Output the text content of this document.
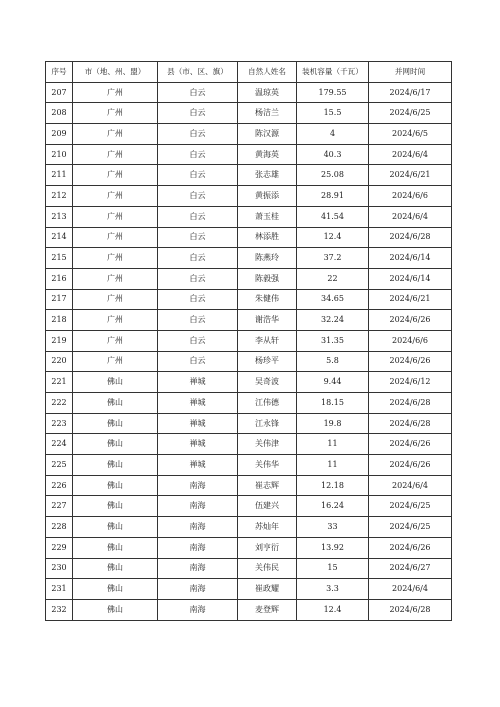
序号	市（地、州、盟）	县（市、区、旗）	自然人姓名	装机容量（千瓦）	并网时间
207	广州	白云	温琼英	179.55	2024/6/17
208	广州	白云	杨洁兰	15.5	2024/6/25
209	广州	白云	陈汉源	4	2024/6/5
210	广州	白云	黄海英	40.3	2024/6/4
211	广州	白云	张志雄	25.08	2024/6/21
212	广州	白云	黄振添	28.91	2024/6/6
213	广州	白云	萧玉桂	41.54	2024/6/4
214	广州	白云	林添胜	12.4	2024/6/28
215	广州	白云	陈燕玲	37.2	2024/6/14
216	广州	白云	陈毅强	22	2024/6/14
217	广州	白云	朱健伟	34.65	2024/6/21
218	广州	白云	谢浩华	32.24	2024/6/26
219	广州	白云	李从轩	31.35	2024/6/6
220	广州	白云	杨珍平	5.8	2024/6/26
221	佛山	禅城	吴奇波	9.44	2024/6/12
222	佛山	禅城	江伟德	18.15	2024/6/28
223	佛山	禅城	江永锋	19.8	2024/6/28
224	佛山	禅城	关伟津	11	2024/6/26
225	佛山	禅城	关伟华	11	2024/6/26
226	佛山	南海	崔志辉	12.18	2024/6/4
227	佛山	南海	伍建兴	16.24	2024/6/25
228	佛山	南海	苏灿年	33	2024/6/25
229	佛山	南海	刘亨衍	13.92	2024/6/26
230	佛山	南海	关伟民	15	2024/6/27
231	佛山	南海	崔政耀	3.3	2024/6/4
232	佛山	南海	麦登辉	12.4	2024/6/28
